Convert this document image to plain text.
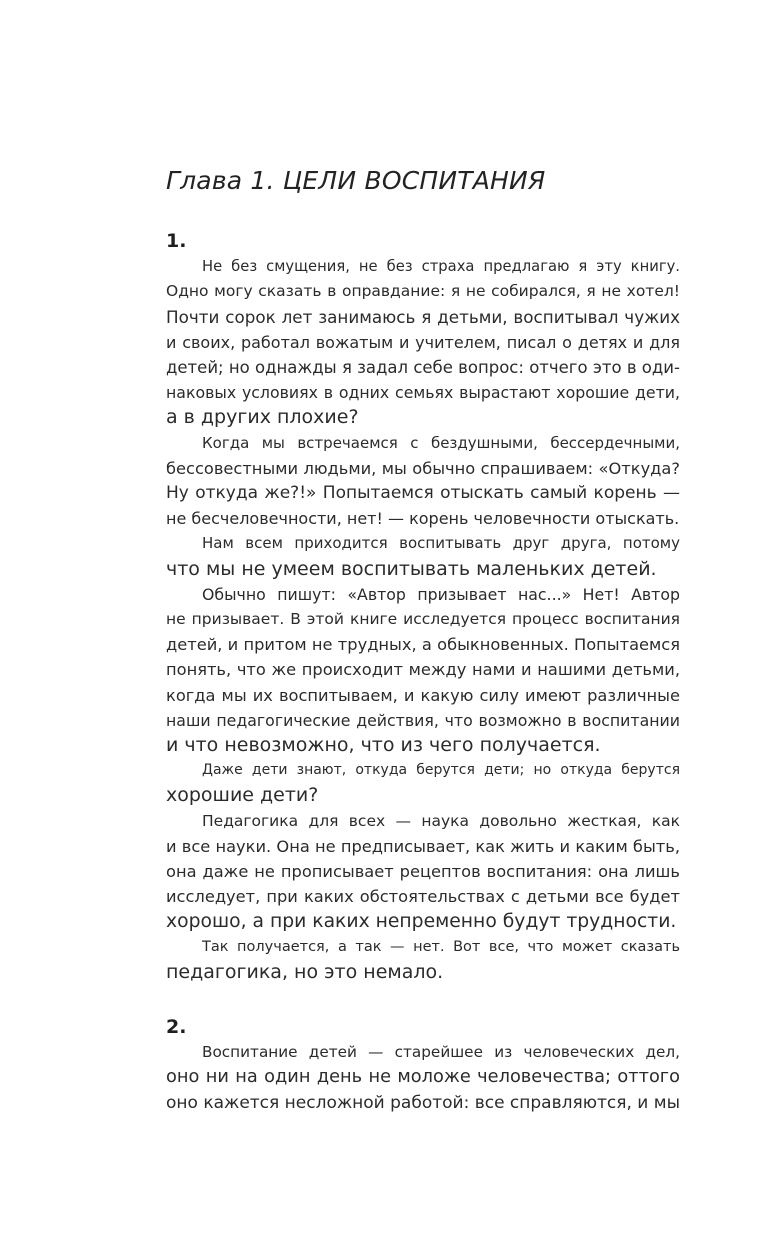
Глава 1. ЦЕЛИ ВОСПИТАНИЯ
1.
Не без смущения, не без страха предлагаю я эту книгу.
Одно могу сказать в оправдание: я не собирался, я не хотел!
Почти сорок лет занимаюсь я детьми, воспитывал чужих
и своих, работал вожатым и учителем, писал о детях и для
детей; но однажды я задал себе вопрос: отчего это в оди-
наковых условиях в одних семьях вырастают хорошие дети,
а в других плохие?
Когда мы встречаемся с бездушными, бессердечными,
бессовестными людьми, мы обычно спрашиваем: «Откуда?
Ну откуда же?!» Попытаемся отыскать самый корень —
не бесчеловечности, нет! — корень человечности отыскать.
Нам всем приходится воспитывать друг друга, потому
что мы не умеем воспитывать маленьких детей.
Обычно пишут: «Автор призывает нас...» Нет! Автор
не призывает. В этой книге исследуется процесс воспитания
детей, и притом не трудных, а обыкновенных. Попытаемся
понять, что же происходит между нами и нашими детьми,
когда мы их воспитываем, и какую силу имеют различные
наши педагогические действия, что возможно в воспитании
и что невозможно, что из чего получается.
Даже дети знают, откуда берутся дети; но откуда берутся
хорошие дети?
Педагогика для всех — наука довольно жесткая, как
и все науки. Она не предписывает, как жить и каким быть,
она даже не прописывает рецептов воспитания: она лишь
исследует, при каких обстоятельствах с детьми все будет
хорошо, а при каких непременно будут трудности.
Так получается, а так — нет. Вот все, что может сказать
педагогика, но это немало.
2.
Воспитание детей — старейшее из человеческих дел,
оно ни на один день не моложе человечества; оттого
оно кажется несложной работой: все справляются, и мы
